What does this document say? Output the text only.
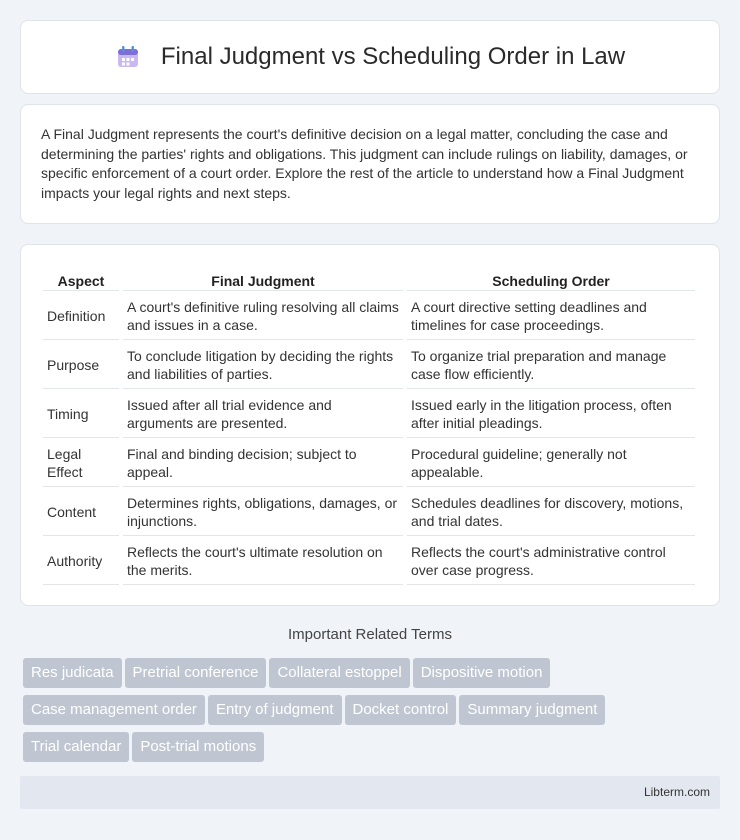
Final Judgment vs Scheduling Order in Law

A Final Judgment represents the court's definitive decision on a legal matter, concluding the case and determining the parties' rights and obligations. This judgment can include rulings on liability, damages, or specific enforcement of a court order. Explore the rest of the article to understand how a Final Judgment impacts your legal rights and next steps.

Aspect	Final Judgment	Scheduling Order
Definition	A court's definitive ruling resolving all claims and issues in a case.	A court directive setting deadlines and timelines for case proceedings.
Purpose	To conclude litigation by deciding the rights and liabilities of parties.	To organize trial preparation and manage case flow efficiently.
Timing	Issued after all trial evidence and arguments are presented.	Issued early in the litigation process, often after initial pleadings.
Legal Effect	Final and binding decision; subject to appeal.	Procedural guideline; generally not appealable.
Content	Determines rights, obligations, damages, or injunctions.	Schedules deadlines for discovery, motions, and trial dates.
Authority	Reflects the court's ultimate resolution on the merits.	Reflects the court's administrative control over case progress.
Important Related Terms
Res judicata Pretrial conference Collateral estoppel Dispositive motion
Case management order Entry of judgment Docket control Summary judgment
Trial calendar Post-trial motions
Libterm.com
